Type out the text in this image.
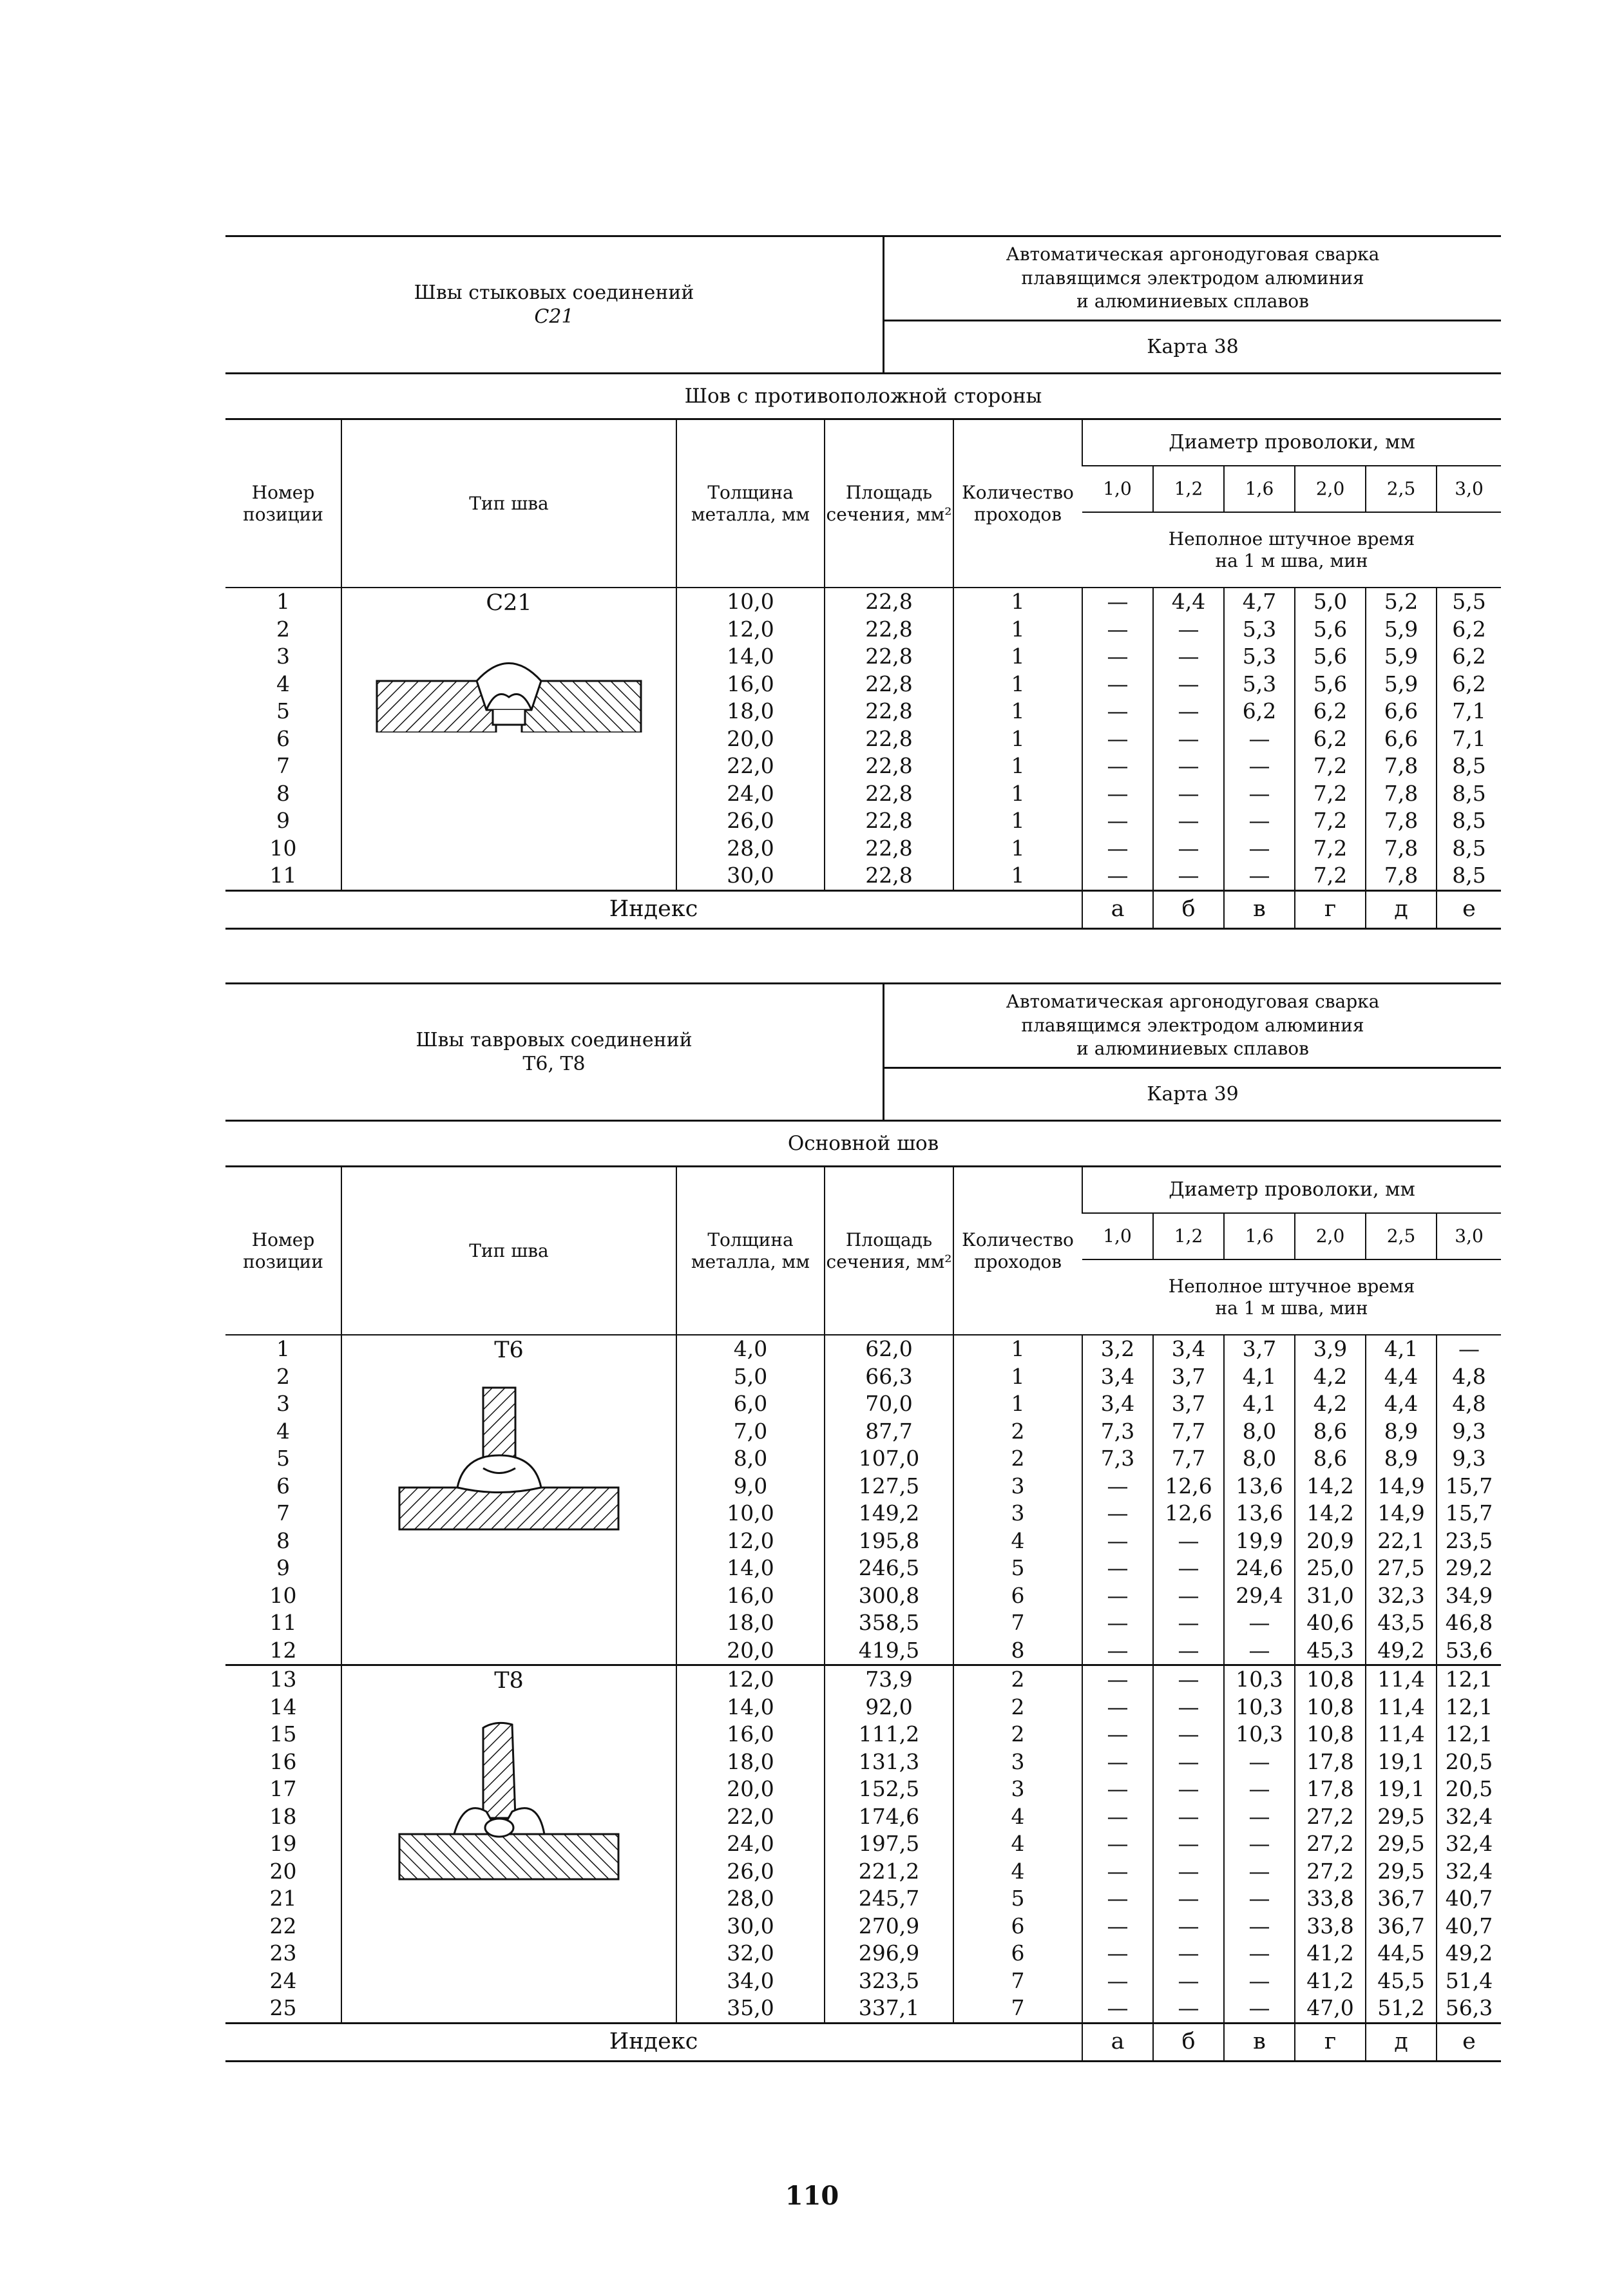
Швы стыковых соединений
С21
Автоматическая аргонодуговая сварка
плавящимся электродом алюминия
и алюминиевых сплавов
Карта 38
Шов с противоположной стороны
Номер позиции	Тип шва	Толщина металла, мм	Площадь сечения, мм²	Количество проходов	Диаметр проволоки, мм					
					1,0	1,2	1,6	2,0	2,5	3,0

					Неполное штучное время
на 1 м шва, мин					

1	С21	10,0	22,8	1	—	4,4	4,7	5,0	5,2	5,5
2		12,0	22,8	1	—	—	5,3	5,6	5,9	6,2
3		14,0	22,8	1	—	—	5,3	5,6	5,9	6,2
4		16,0	22,8	1	—	—	5,3	5,6	5,9	6,2
5		18,0	22,8	1	—	—	6,2	6,2	6,6	7,1
6		20,0	22,8	1	—	—	—	6,2	6,6	7,1
7		22,0	22,8	1	—	—	—	7,2	7,8	8,5
8		24,0	22,8	1	—	—	—	7,2	7,8	8,5
9		26,0	22,8	1	—	—	—	7,2	7,8	8,5
10		28,0	22,8	1	—	—	—	7,2	7,8	8,5
11		30,0	22,8	1	—	—	—	7,2	7,8	8,5
Индекс					а	б	в	г	д	е
Швы тавровых соединений
Т6, Т8
Автоматическая аргонодуговая сварка
плавящимся электродом алюминия
и алюминиевых сплавов
Карта 39
Основной шов
Номер позиции	Тип шва	Толщина металла, мм	Площадь сечения, мм²	Количество проходов	Диаметр проволоки, мм					
					1,0	1,2	1,6	2,0	2,5	3,0

					Неполное штучное время
на 1 м шва, мин					

1	Т6	4,0	62,0	1	3,2	3,4	3,7	3,9	4,1	—
2		5,0	66,3	1	3,4	3,7	4,1	4,2	4,4	4,8
3		6,0	70,0	1	3,4	3,7	4,1	4,2	4,4	4,8
4		7,0	87,7	2	7,3	7,7	8,0	8,6	8,9	9,3
5		8,0	107,0	2	7,3	7,7	8,0	8,6	8,9	9,3
6		9,0	127,5	3	—	12,6	13,6	14,2	14,9	15,7
7		10,0	149,2	3	—	12,6	13,6	14,2	14,9	15,7
8		12,0	195,8	4	—	—	19,9	20,9	22,1	23,5
9		14,0	246,5	5	—	—	24,6	25,0	27,5	29,2
10		16,0	300,8	6	—	—	29,4	31,0	32,3	34,9
11		18,0	358,5	7	—	—	—	40,6	43,5	46,8
12		20,0	419,5	8	—	—	—	45,3	49,2	53,6
13	Т8	12,0	73,9	2	—	—	10,3	10,8	11,4	12,1
14		14,0	92,0	2	—	—	10,3	10,8	11,4	12,1
15		16,0	111,2	2	—	—	10,3	10,8	11,4	12,1
16		18,0	131,3	3	—	—	—	17,8	19,1	20,5
17		20,0	152,5	3	—	—	—	17,8	19,1	20,5
18		22,0	174,6	4	—	—	—	27,2	29,5	32,4
19		24,0	197,5	4	—	—	—	27,2	29,5	32,4
20		26,0	221,2	4	—	—	—	27,2	29,5	32,4
21		28,0	245,7	5	—	—	—	33,8	36,7	40,7
22		30,0	270,9	6	—	—	—	33,8	36,7	40,7
23		32,0	296,9	6	—	—	—	41,2	44,5	49,2
24		34,0	323,5	7	—	—	—	41,2	45,5	51,4
25		35,0	337,1	7	—	—	—	47,0	51,2	56,3
Индекс					а	б	в	г	д	е
110
